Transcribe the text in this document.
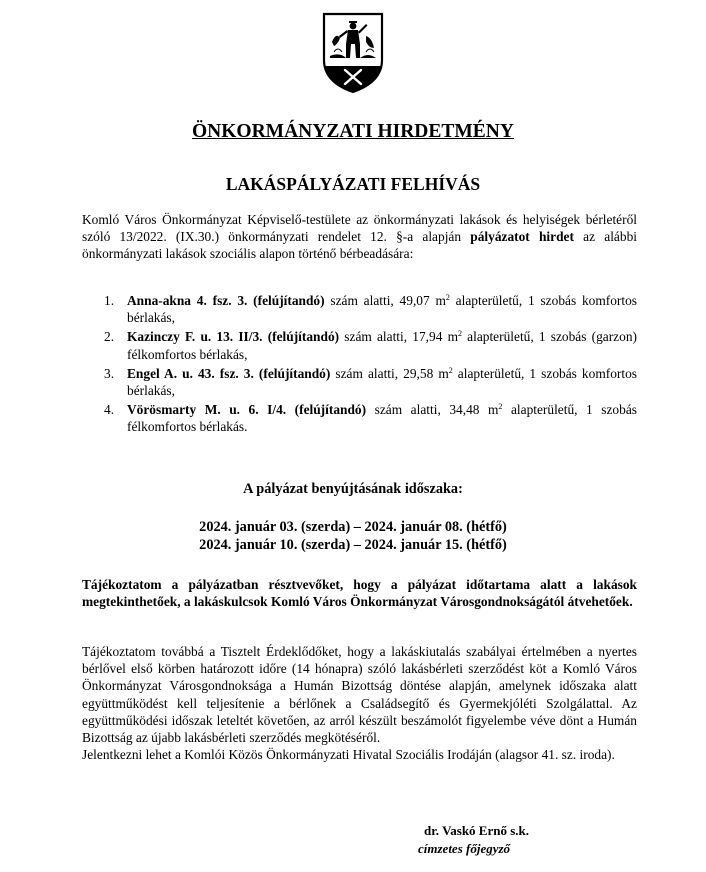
ÖNKORMÁNYZATI HIRDETMÉNY
LAKÁSPÁLYÁZATI FELHÍVÁS
Komló Város Önkormányzat Képviselő-testülete az önkormányzati lakások és helyiségek bérletéről szóló 13/2022. (IX.30.) önkormányzati rendelet 12. §-a alapján pályázatot hirdet az alábbi önkormányzati lakások szociális alapon történő bérbeadására:
1. Anna-akna 4. fsz. 3. (felújítandó) szám alatti, 49,07 $m^2$ alapterületű, 1 szobás komfortos bérlakás,
2. Kazinczy F. u. 13. II/3. (felújítandó) szám alatti, 17,94 $m^2$ alapterületű, 1 szobás (garzon) félkomfortos bérlakás,
3. Engel A. u. 43. fsz. 3. (felújítandó) szám alatti, 29,58 $m^2$ alapterületű, 1 szobás komfortos bérlakás,
4. Vörösmarty M. u. 6. I/4. (felújítandó) szám alatti, 34,48 $m^2$ alapterületű, 1 szobás félkomfortos bérlakás.
A pályázat benyújtásának időszaka:
2024. január 03. (szerda) – 2024. január 08. (hétfő)
2024. január 10. (szerda) – 2024. január 15. (hétfő)
Tájékoztatom a pályázatban résztvevőket, hogy a pályázat időtartama alatt a lakások megtekinthetőek, a lakáskulcsok Komló Város Önkormányzat Városgondnokságától átvehetőek.
Tájékoztatom továbbá a Tisztelt Érdeklődőket, hogy a lakáskiutalás szabályai értelmében a nyertes bérlővel első körben határozott időre (14 hónapra) szóló lakásbérleti szerződést köt a Komló Város Önkormányzat Városgondnoksága a Humán Bizottság döntése alapján, amelynek időszaka alatt együttműködést kell teljesítenie a bérlőnek a Családsegítő és Gyermekjóléti Szolgálattal. Az együttműködési időszak leteltét követően, az arról készült beszámolót figyelembe véve dönt a Humán Bizottság az újabb lakásbérleti szerződés megkötéséről.
Jelentkezni lehet a Komlói Közös Önkormányzati Hivatal Szociális Irodáján (alagsor 41. sz. iroda).
dr. Vaskó Ernő s.k.
címzetes főjegyző
